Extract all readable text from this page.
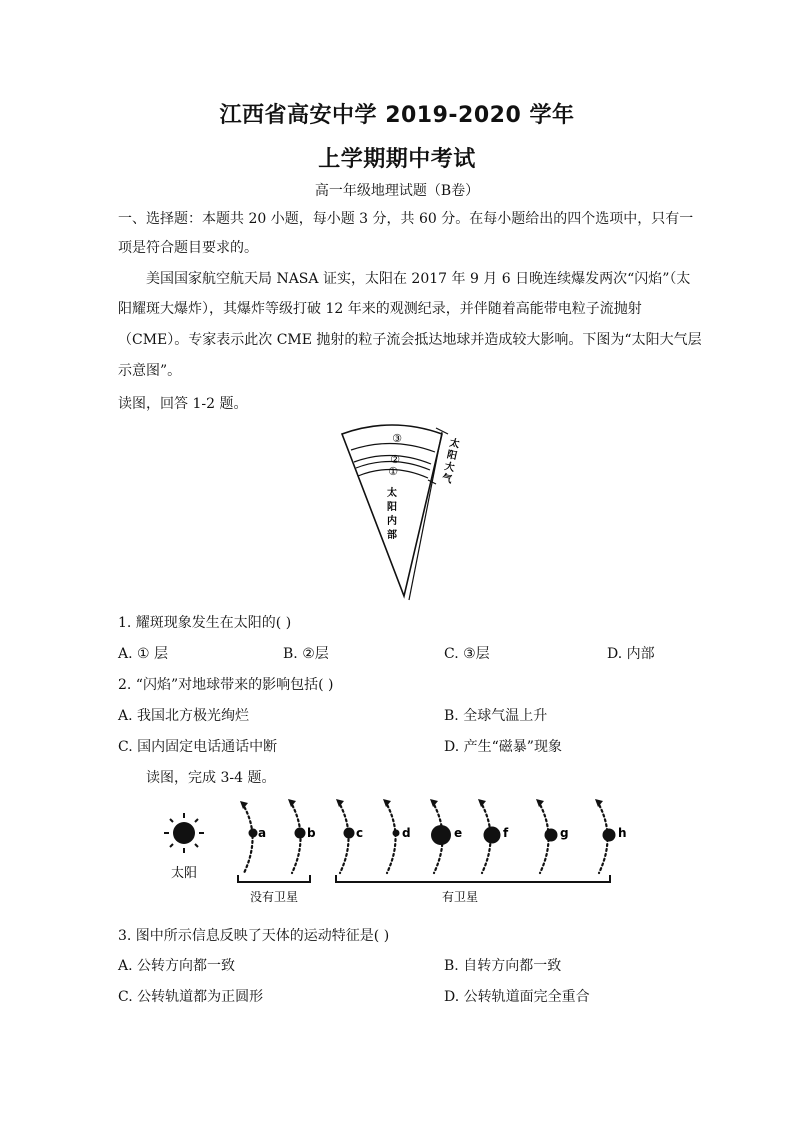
江西省高安中学 2019-2020 学年
上学期期中考试
高一年级地理试题（B卷）
一、选择题：本题共 20 小题，每小题 3 分，共 60 分。在每小题给出的四个选项中，只有一
项是符合题目要求的。
美国国家航空航天局 NASA 证实，太阳在 2017 年 9 月 6 日晚连续爆发两次“闪焰”（太
阳耀斑大爆炸），其爆炸等级打破 12 年来的观测纪录，并伴随着高能带电粒子流抛射
（CME）。专家表示此次 CME 抛射的粒子流会抵达地球并造成较大影响。下图为“太阳大气层
示意图”。
读图，回答 1-2 题。
③
②
①
太
阳
内
部
太
阳
大
气
1. 耀斑现象发生在太阳的( )
A. ① 层	B. ②层	C. ③层	D. 内部
2. “闪焰”对地球带来的影响包括( )
A. 我国北方极光绚烂	B. 全球气温上升
C. 国内固定电话通话中断	D. 产生“磁暴”现象
读图，完成 3-4 题。
太阳
a	b	c	d	e	f	g	h
没有卫星	有卫星
3. 图中所示信息反映了天体的运动特征是( )
A. 公转方向都一致	B. 自转方向都一致
C. 公转轨道都为正圆形	D. 公转轨道面完全重合
